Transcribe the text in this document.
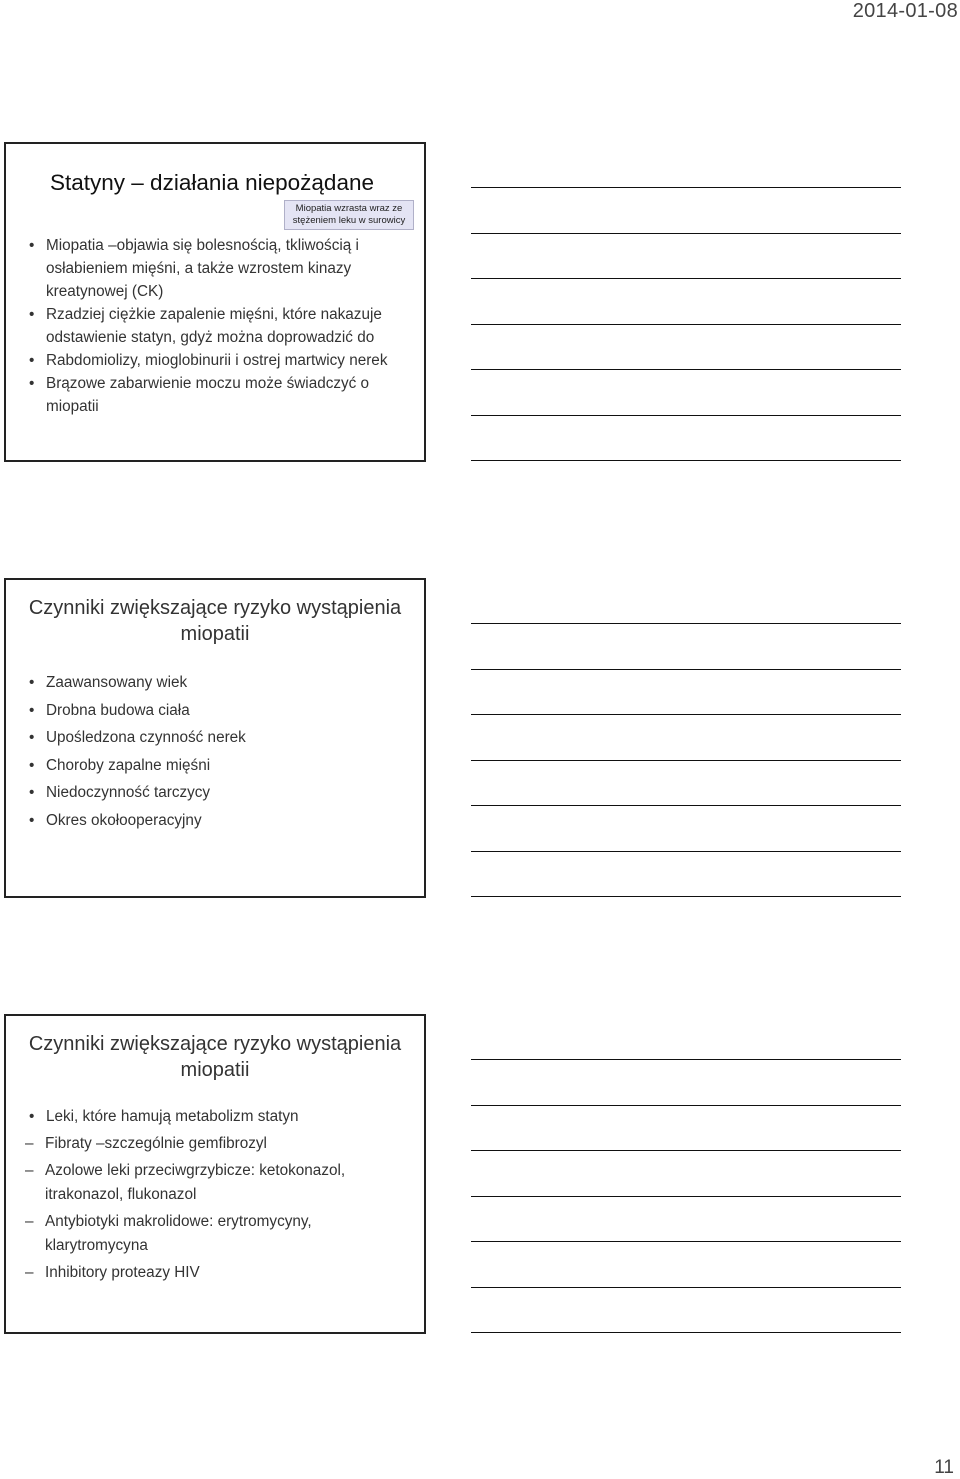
2014-01-08
Statyny – działania niepożądane
Miopatia wzrasta wraz ze stężeniem leku w surowicy
• Miopatia –objawia się bolesnością, tkliwością i osłabieniem mięśni, a także wzrostem kinazy kreatynowej (CK)
• Rzadziej ciężkie zapalenie mięśni, które nakazuje odstawienie statyn, gdyż można doprowadzić do
• Rabdomiolizy, mioglobinurii i ostrej martwicy nerek
• Brązowe zabarwienie moczu może świadczyć o miopatii
Czynniki zwiększające ryzyko wystąpienia miopatii
• Zaawansowany wiek
• Drobna budowa ciała
• Upośledzona czynność nerek
• Choroby zapalne mięśni
• Niedoczynność tarczycy
• Okres okołooperacyjny
Czynniki zwiększające ryzyko wystąpienia miopatii
• Leki, które hamują metabolizm statyn
– Fibraty –szczególnie gemfibrozyl
– Azolowe leki przeciwgrzybicze: ketokonazol, itrakonazol, flukonazol
– Antybiotyki makrolidowe: erytromycyny, klarytromycyna
– Inhibitory proteazy HIV
11
